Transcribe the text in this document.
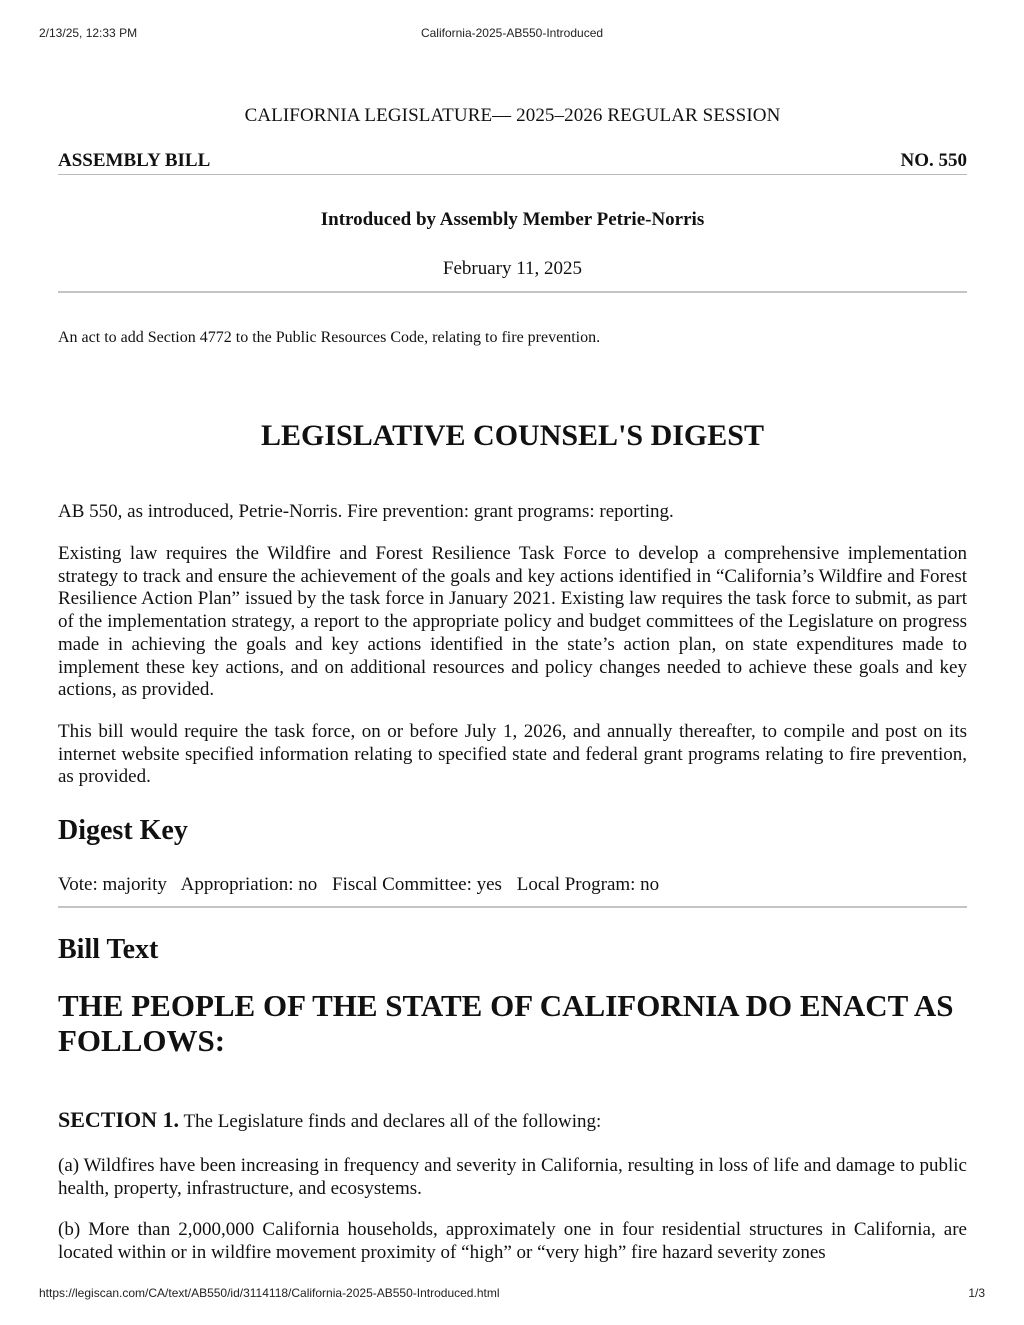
2/13/25, 12:33 PM	California-2025-AB550-Introduced
CALIFORNIA LEGISLATURE— 2025–2026 REGULAR SESSION
ASSEMBLY BILL	NO. 550
Introduced by Assembly Member Petrie-Norris
February 11, 2025
An act to add Section 4772 to the Public Resources Code, relating to fire prevention.
LEGISLATIVE COUNSEL'S DIGEST

AB 550, as introduced, Petrie-Norris. Fire prevention: grant programs: reporting.

Existing law requires the Wildfire and Forest Resilience Task Force to develop a comprehensive implementation strategy to track and ensure the achievement of the goals and key actions identified in “California’s Wildfire and Forest Resilience Action Plan” issued by the task force in January 2021. Existing law requires the task force to submit, as part of the implementation strategy, a report to the appropriate policy and budget committees of the Legislature on progress made in achieving the goals and key actions identified in the state’s action plan, on state expenditures made to implement these key actions, and on additional resources and policy changes needed to achieve these goals and key actions, as provided.

This bill would require the task force, on or before July 1, 2026, and annually thereafter, to compile and post on its internet website specified information relating to specified state and federal grant programs relating to fire prevention, as provided.

Digest Key
Vote: majority Appropriation: no Fiscal Committee: yes Local Program: no
Bill Text
THE PEOPLE OF THE STATE OF CALIFORNIA DO ENACT AS FOLLOWS:

SECTION 1. The Legislature finds and declares all of the following:

(a) Wildfires have been increasing in frequency and severity in California, resulting in loss of life and damage to public health, property, infrastructure, and ecosystems.

(b) More than 2,000,000 California households, approximately one in four residential structures in California, are located within or in wildfire movement proximity of “high” or “very high” fire hazard severity zones

https://legiscan.com/CA/text/AB550/id/3114118/California-2025-AB550-Introduced.html	1/3
